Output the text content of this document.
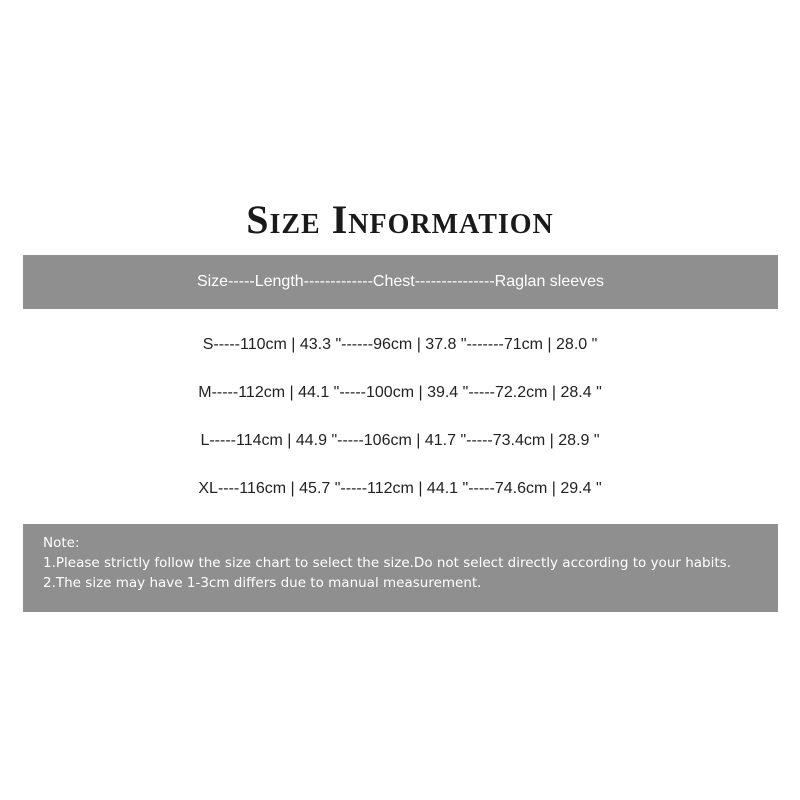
Size Information
Size-----Length-------------Chest---------------Raglan sleeves
S-----110cm | 43.3 "------96cm | 37.8 "-------71cm | 28.0 "
M-----112cm | 44.1 "-----100cm | 39.4 "-----72.2cm | 28.4 "
L-----114cm | 44.9 "-----106cm | 41.7 "-----73.4cm | 28.9 "
XL----116cm | 45.7 "-----112cm | 44.1 "-----74.6cm | 29.4 "
Note:
1.Please strictly follow the size chart to select the size.Do not select directly according to your habits.
2.The size may have 1-3cm differs due to manual measurement.
